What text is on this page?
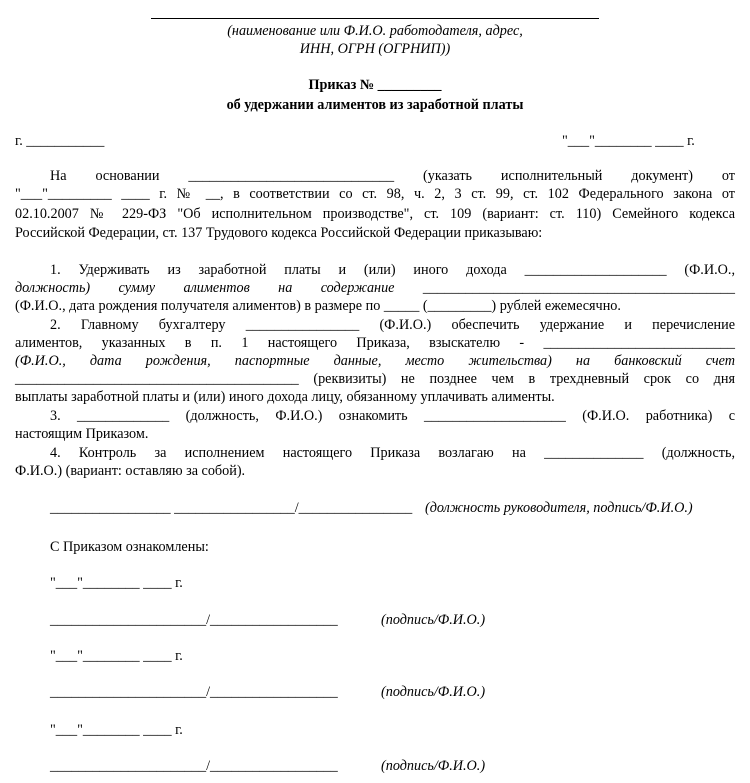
(наименование или Ф.И.О. работодателя, адрес,
ИНН, ОГРН (ОГРНИП))
Приказ № _________
об удержании алиментов из заработной платы
г. ___________	"___"________ ____ г.
На основании _____________________________ (указать исполнительный документ) от
"___"_________ ____ г. № __, в соответствии со ст. 98, ч. 2, 3 ст. 99, ст. 102 Федерального закона от
02.10.2007 № 229-ФЗ "Об исполнительном производстве", ст. 109 (вариант: ст. 110) Семейного кодекса
Российской Федерации, ст. 137 Трудового кодекса Российской Федерации приказываю:
1. Удерживать из заработной платы и (или) иного дохода ____________________ (Ф.И.О.,
должность) сумму алиментов на содержание ____________________________________________
(Ф.И.О., дата рождения получателя алиментов) в размере по _____ (_________) рублей ежемесячно.
2. Главному бухгалтеру ________________ (Ф.И.О.) обеспечить удержание и перечисление
алиментов, указанных в п. 1 настоящего Приказа, взыскателю - ___________________________
(Ф.И.О., дата рождения, паспортные данные, место жительства) на банковский счет
________________________________________ (реквизиты) не позднее чем в трехдневный срок со дня
выплаты заработной платы и (или) иного дохода лицу, обязанному уплачивать алименты.
3. _____________ (должность, Ф.И.О.) ознакомить ____________________ (Ф.И.О. работника) с
настоящим Приказом.
4. Контроль за исполнением настоящего Приказа возлагаю на ______________ (должность,
Ф.И.О.) (вариант: оставляю за собой).
_________________ _________________/________________ (должность руководителя, подпись/Ф.И.О.)
С Приказом ознакомлены:
"___"________ ____ г.
______________________/__________________	(подпись/Ф.И.О.)
"___"________ ____ г.
______________________/__________________	(подпись/Ф.И.О.)
"___"________ ____ г.
______________________/__________________	(подпись/Ф.И.О.)
